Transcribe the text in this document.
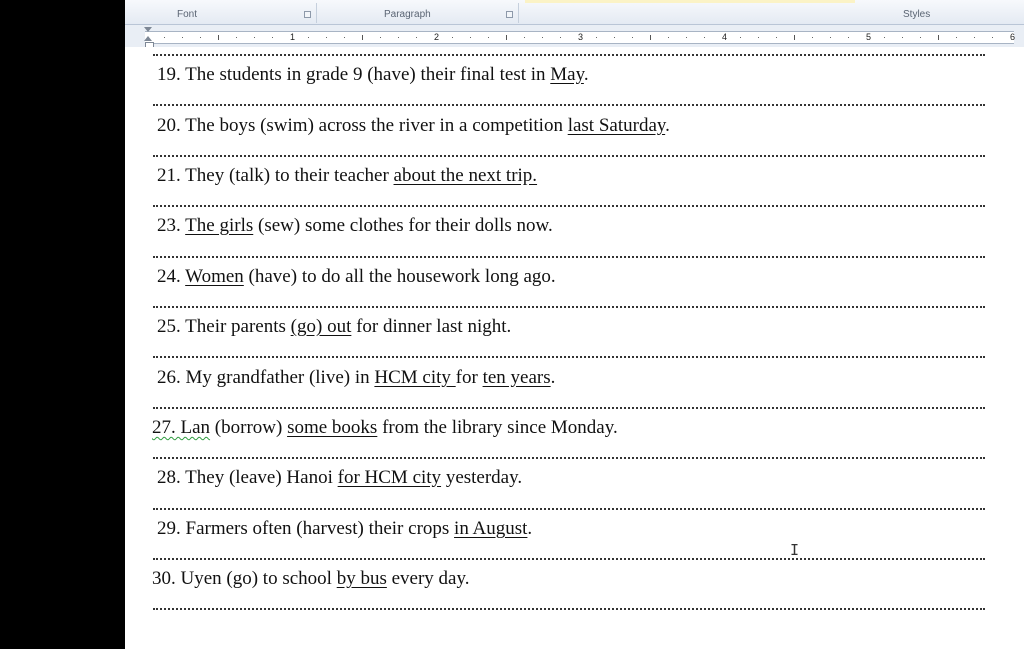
Font	Paragraph	Styles
1	2	3	4	5	6
19. The students in grade 9 (have) their final test in May.
20. The boys (swim) across the river in a competition last Saturday.
21. They (talk) to their teacher about the next trip.
23. The girls (sew) some clothes for their dolls now.
24. Women (have) to do all the housework long ago.
25. Their parents (go) out for dinner last night.
26. My grandfather (live) in HCM city for ten years.
27. Lan (borrow) some books from the library since Monday.
28. They (leave) Hanoi for HCM city yesterday.
29. Farmers often (harvest) their crops in August.
30. Uyen (go) to school by bus every day.
I
